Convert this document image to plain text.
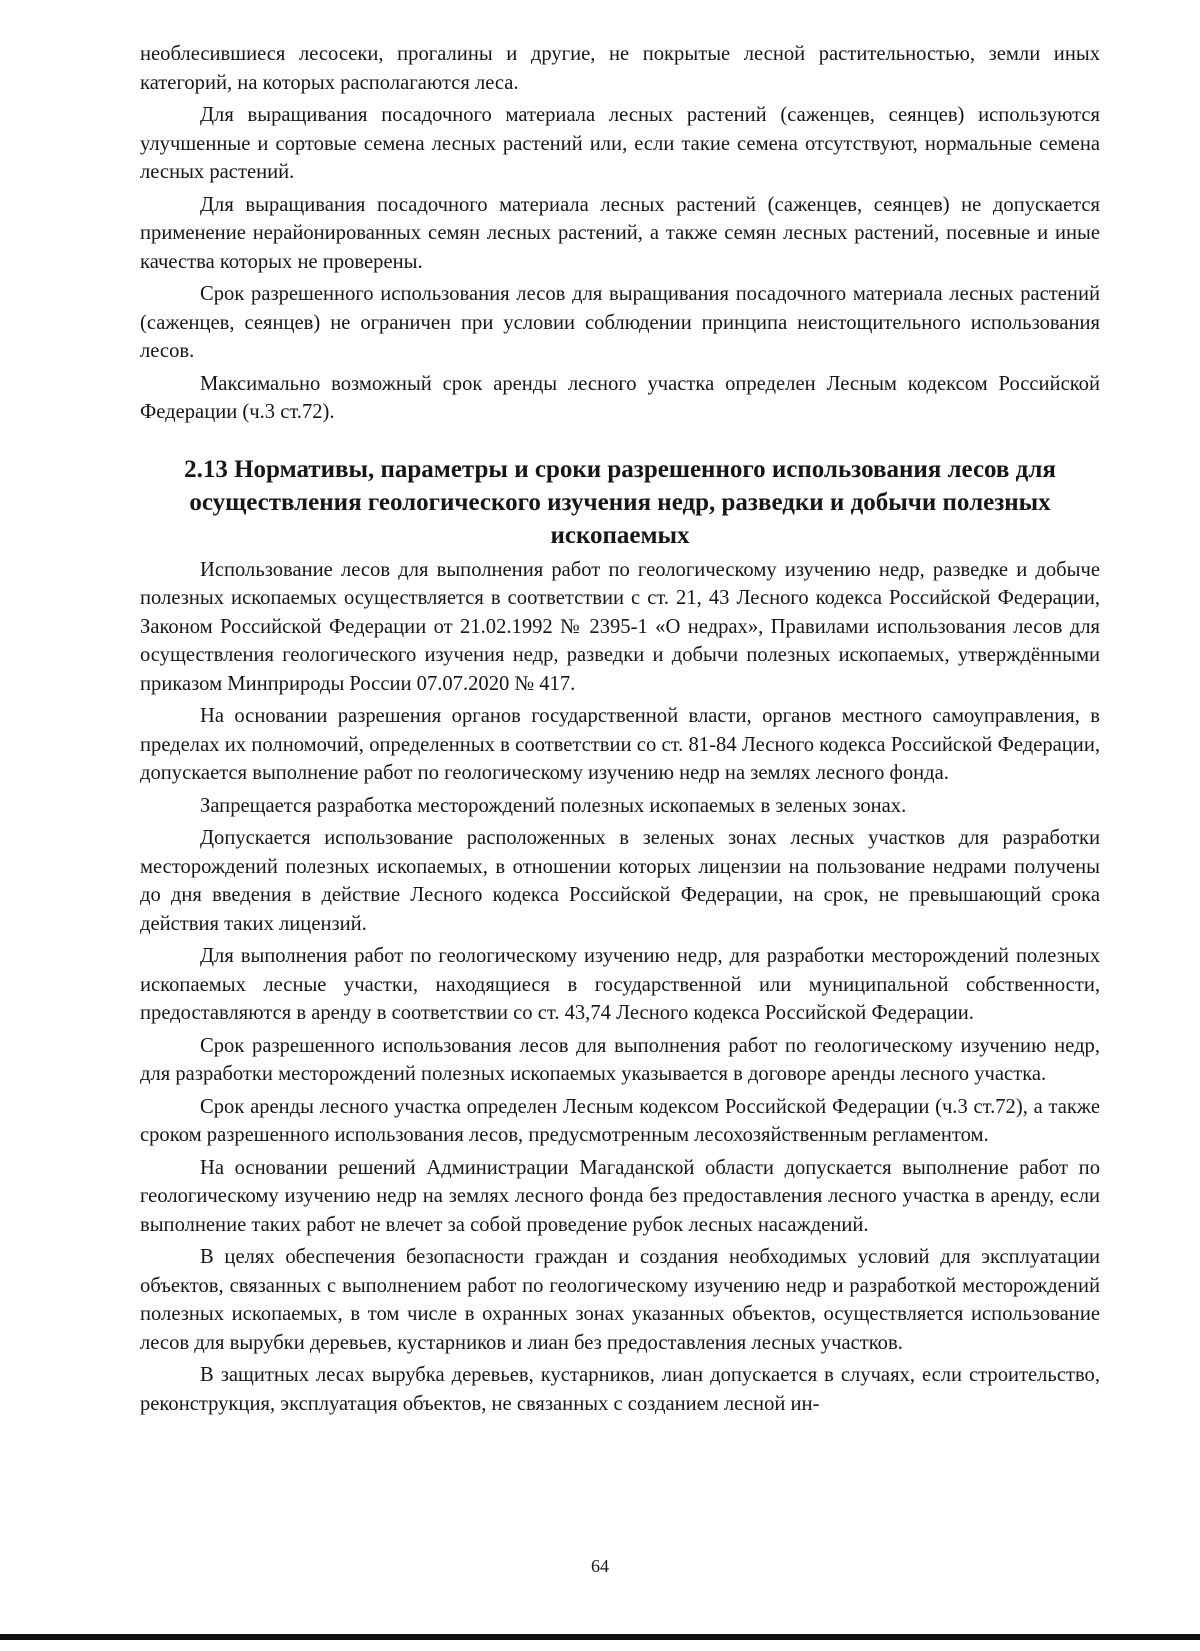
необлесившиеся лесосеки, прогалины и другие, не покрытые лесной растительностью, земли иных категорий, на которых располагаются леса.

Для выращивания посадочного материала лесных растений (саженцев, сеянцев) используются улучшенные и сортовые семена лесных растений или, если такие семена отсутствуют, нормальные семена лесных растений.

Для выращивания посадочного материала лесных растений (саженцев, сеянцев) не допускается применение нерайонированных семян лесных растений, а также семян лесных растений, посевные и иные качества которых не проверены.

Срок разрешенного использования лесов для выращивания посадочного материала лесных растений (саженцев, сеянцев) не ограничен при условии соблюдении принципа неистощительного использования лесов.

Максимально возможный срок аренды лесного участка определен Лесным кодексом Российской Федерации (ч.3 ст.72).

2.13 Нормативы, параметры и сроки разрешенного использования лесов для осуществления геологического изучения недр, разведки и добычи полезных ископаемых

Использование лесов для выполнения работ по геологическому изучению недр, разведке и добыче полезных ископаемых осуществляется в соответствии с ст. 21, 43 Лесного кодекса Российской Федерации, Законом Российской Федерации от 21.02.1992 № 2395-1 «О недрах», Правилами использования лесов для осуществления геологического изучения недр, разведки и добычи полезных ископаемых, утверждёнными приказом Минприроды России 07.07.2020 № 417.

На основании разрешения органов государственной власти, органов местного самоуправления, в пределах их полномочий, определенных в соответствии со ст. 81-84 Лесного кодекса Российской Федерации, допускается выполнение работ по геологическому изучению недр на землях лесного фонда.

Запрещается разработка месторождений полезных ископаемых в зеленых зонах.

Допускается использование расположенных в зеленых зонах лесных участков для разработки месторождений полезных ископаемых, в отношении которых лицензии на пользование недрами получены до дня введения в действие Лесного кодекса Российской Федерации, на срок, не превышающий срока действия таких лицензий.

Для выполнения работ по геологическому изучению недр, для разработки месторождений полезных ископаемых лесные участки, находящиеся в государственной или муниципальной собственности, предоставляются в аренду в соответствии со ст. 43,74 Лесного кодекса Российской Федерации.

Срок разрешенного использования лесов для выполнения работ по геологическому изучению недр, для разработки месторождений полезных ископаемых указывается в договоре аренды лесного участка.

Срок аренды лесного участка определен Лесным кодексом Российской Федерации (ч.3 ст.72), а также сроком разрешенного использования лесов, предусмотренным лесохозяйственным регламентом.

На основании решений Администрации Магаданской области допускается выполнение работ по геологическому изучению недр на землях лесного фонда без предоставления лесного участка в аренду, если выполнение таких работ не влечет за собой проведение рубок лесных насаждений.

В целях обеспечения безопасности граждан и создания необходимых условий для эксплуатации объектов, связанных с выполнением работ по геологическому изучению недр и разработкой месторождений полезных ископаемых, в том числе в охранных зонах указанных объектов, осуществляется использование лесов для вырубки деревьев, кустарников и лиан без предоставления лесных участков.

В защитных лесах вырубка деревьев, кустарников, лиан допускается в случаях, если строительство, реконструкция, эксплуатация объектов, не связанных с созданием лесной ин-

64
